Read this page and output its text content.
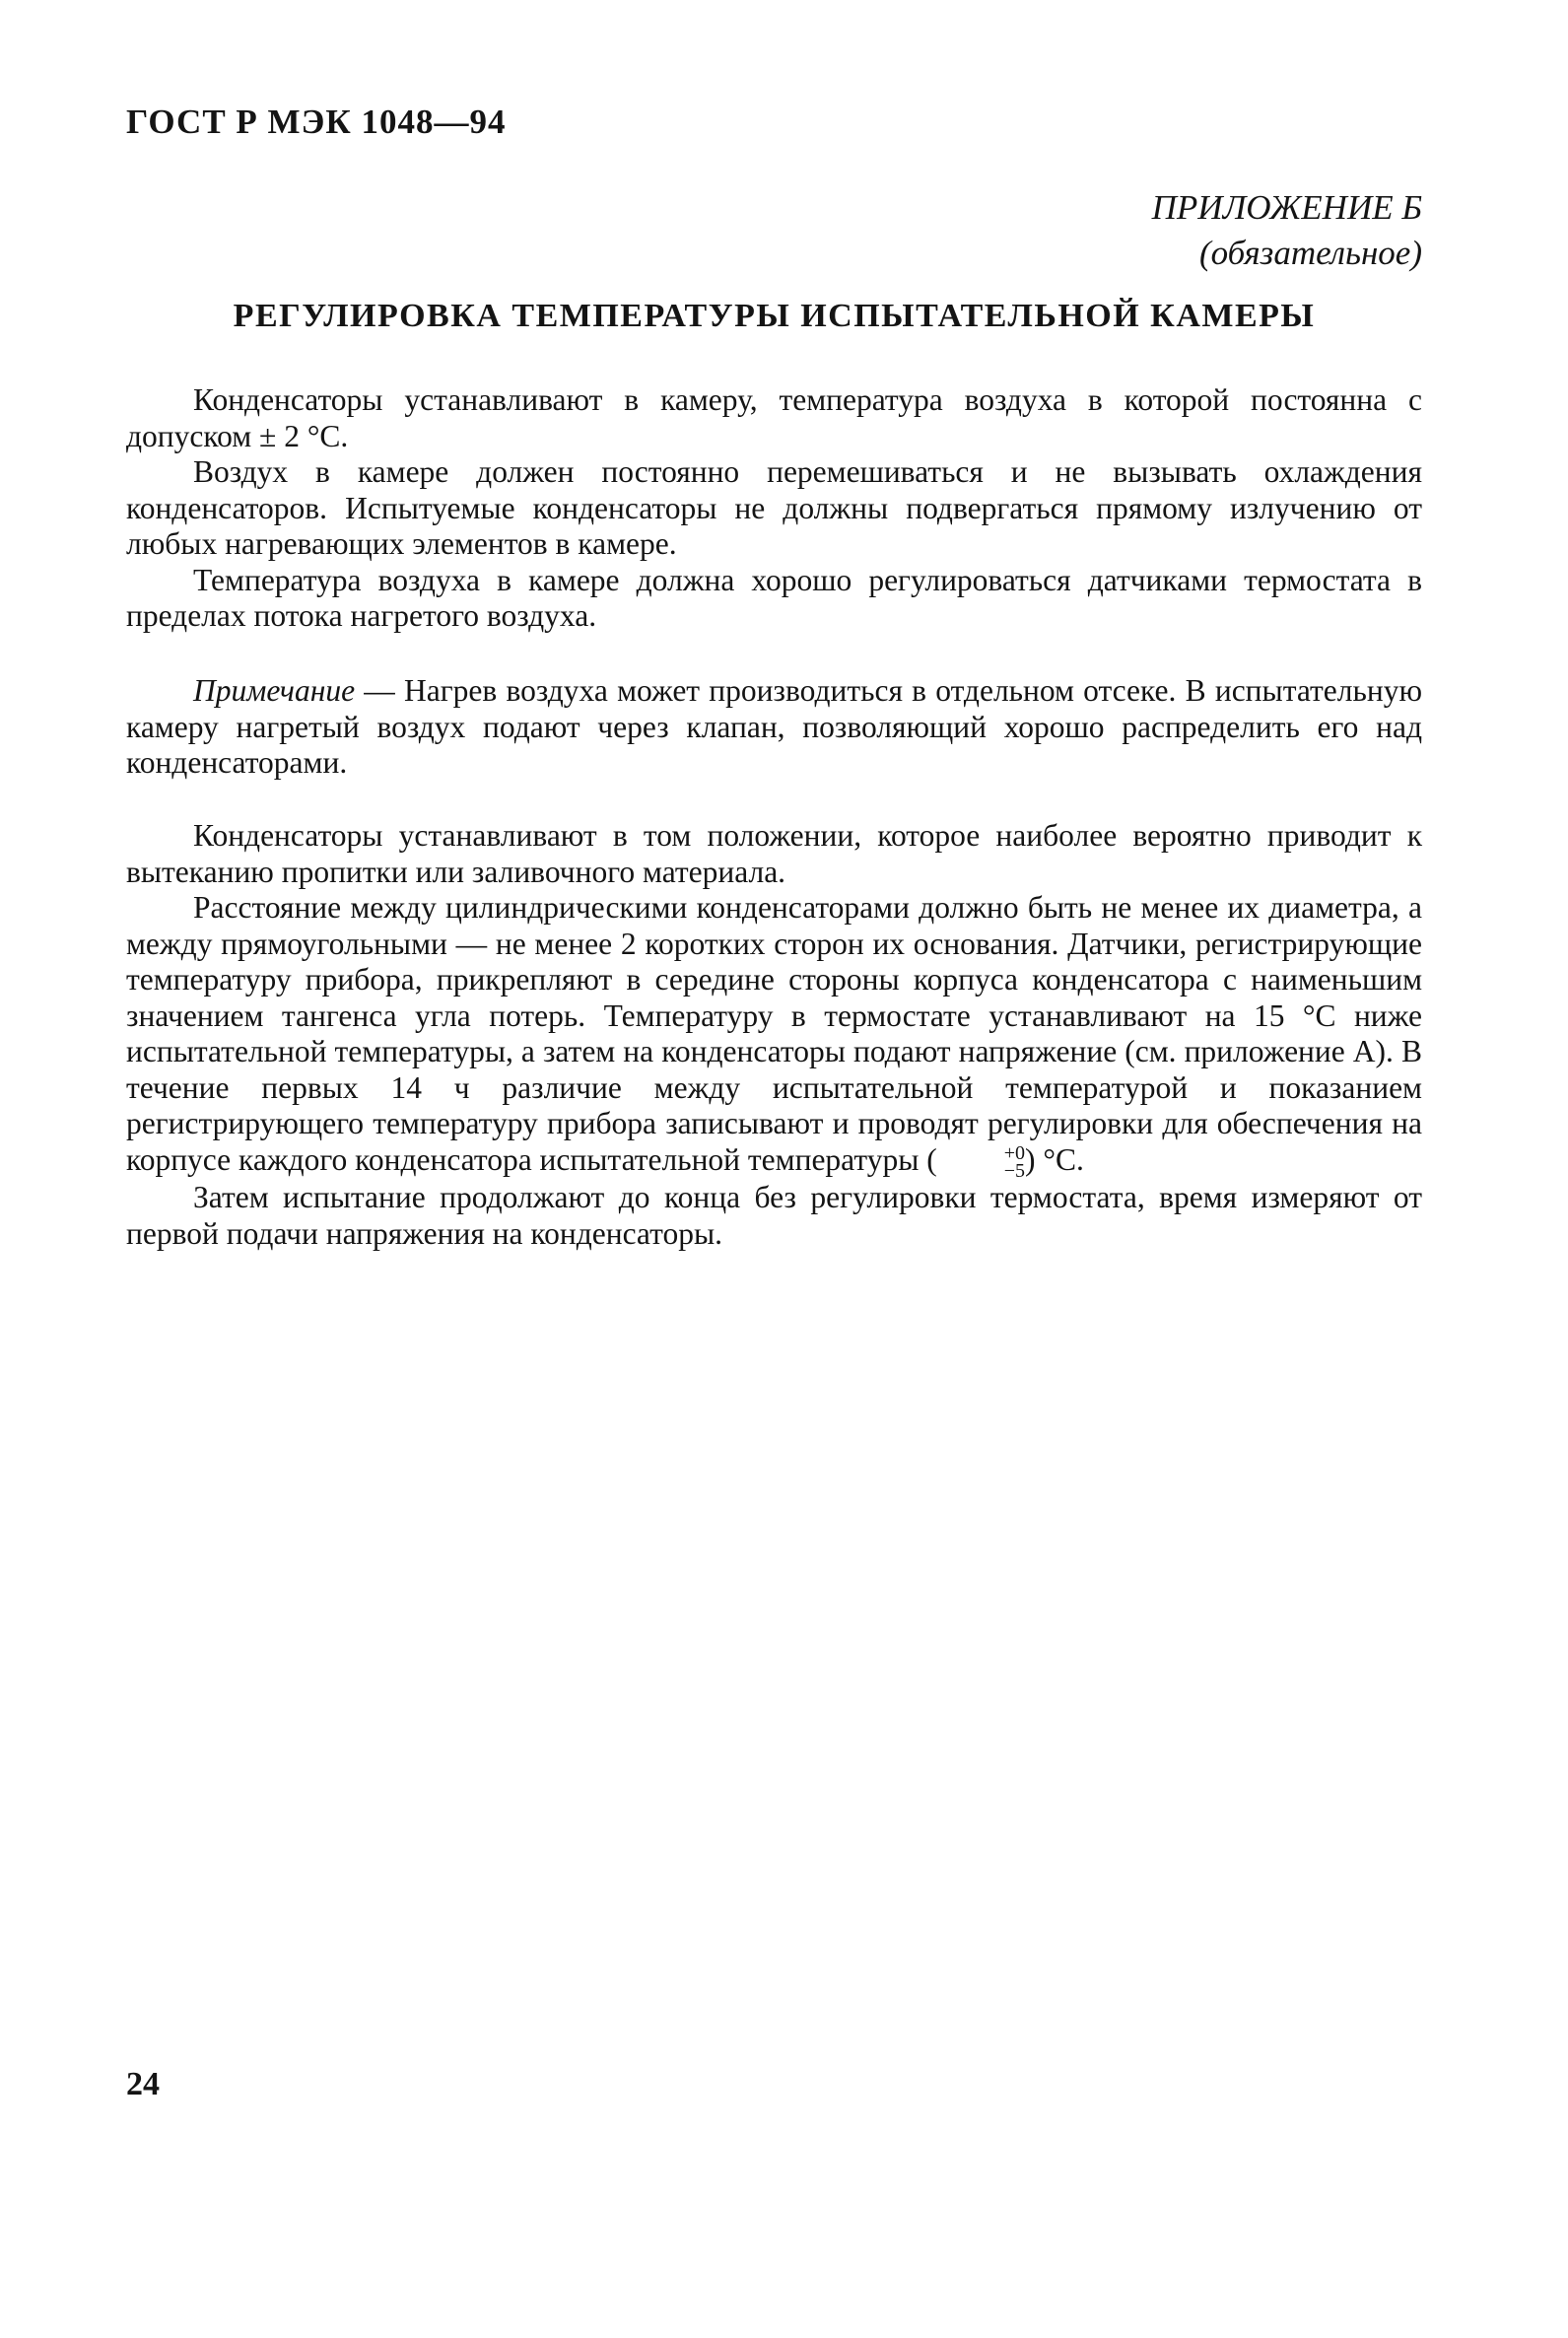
ГОСТ Р МЭК 1048—94
ПРИЛОЖЕНИЕ Б
(обязательное)
РЕГУЛИРОВКА ТЕМПЕРАТУРЫ ИСПЫТАТЕЛЬНОЙ КАМЕРЫ

Конденсаторы устанавливают в камеру, температура воздуха в которой постоянна с допуском ± 2 °С.

Воздух в камере должен постоянно перемешиваться и не вызывать охлаждения конденсаторов. Испытуемые конденсаторы не должны подвергаться прямому излучению от любых нагревающих элементов в камере.

Температура воздуха в камере должна хорошо регулироваться датчиками термостата в пределах потока нагретого воздуха.

Примечание — Нагрев воздуха может производиться в отдельном отсеке. В испытательную камеру нагретый воздух подают через клапан, позволяющий хорошо распределить его над конденсаторами.

Конденсаторы устанавливают в том положении, которое наиболее вероятно приводит к вытеканию пропитки или заливочного материала.

Расстояние между цилиндрическими конденсаторами должно быть не менее их диаметра, а между прямоугольными — не менее 2 коротких сторон их основания. Датчики, регистрирующие температуру прибора, прикрепляют в середине стороны корпуса конденсатора с наименьшим значением тангенса угла потерь. Температуру в термостате устанавливают на 15 °С ниже испытательной температуры, а затем на конденсаторы подают напряжение (см. приложение А). В течение первых 14 ч различие между испытательной температурой и показанием регистрирующего температуру прибора записывают и проводят регулировки для обеспечения на корпусе каждого конденсатора испытательной температуры (	+0
−5 ) °С.

Затем испытание продолжают до конца без регулировки термостата, время измеряют от первой подачи напряжения на конденсаторы.

24
